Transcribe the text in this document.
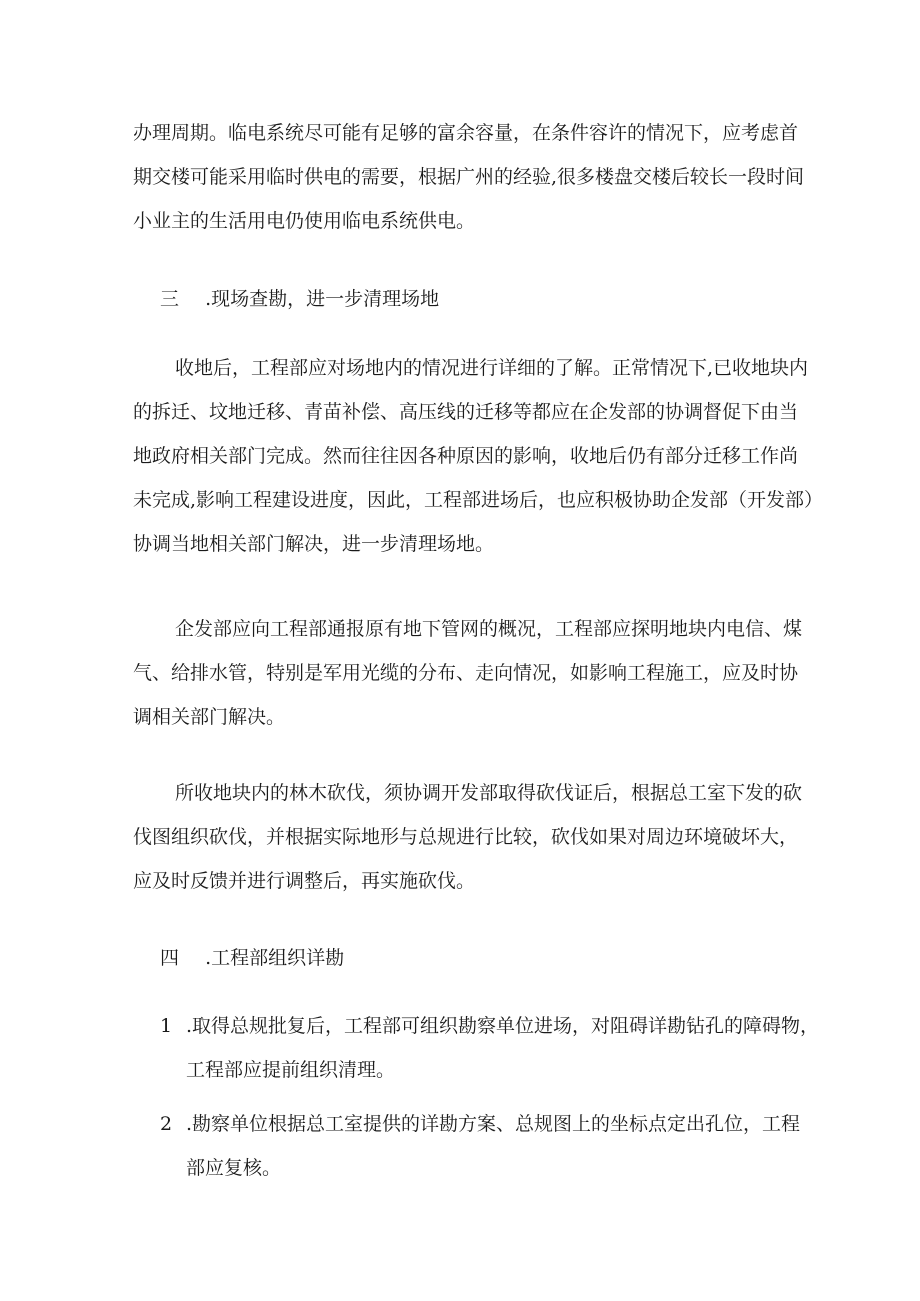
办理周期。临电系统尽可能有足够的富余容量，在条件容许的情况下，应考虑首
期交楼可能采用临时供电的需要，根据广州的经验,很多楼盘交楼后较长一段时间
小业主的生活用电仍使用临电系统供电。

三 .现场查勘，进一步清理场地

收地后，工程部应对场地内的情况进行详细的了解。正常情况下,已收地块内
的拆迁、坟地迁移、青苗补偿、高压线的迁移等都应在企发部的协调督促下由当
地政府相关部门完成。然而往往因各种原因的影响，收地后仍有部分迁移工作尚
未完成,影响工程建设进度，因此，工程部进场后，也应积极协助企发部（开发部）
协调当地相关部门解决，进一步清理场地。

企发部应向工程部通报原有地下管网的概况，工程部应探明地块内电信、煤
气、给排水管，特别是军用光缆的分布、走向情况，如影响工程施工，应及时协
调相关部门解决。

所收地块内的林木砍伐，须协调开发部取得砍伐证后，根据总工室下发的砍
伐图组织砍伐，并根据实际地形与总规进行比较，砍伐如果对周边环境破坏大，
应及时反馈并进行调整后，再实施砍伐。

四 .工程部组织详勘

1 .取得总规批复后，工程部可组织勘察单位进场，对阻碍详勘钻孔的障碍物，
工程部应提前组织清理。
2 .勘察单位根据总工室提供的详勘方案、总规图上的坐标点定出孔位，工程
部应复核。
